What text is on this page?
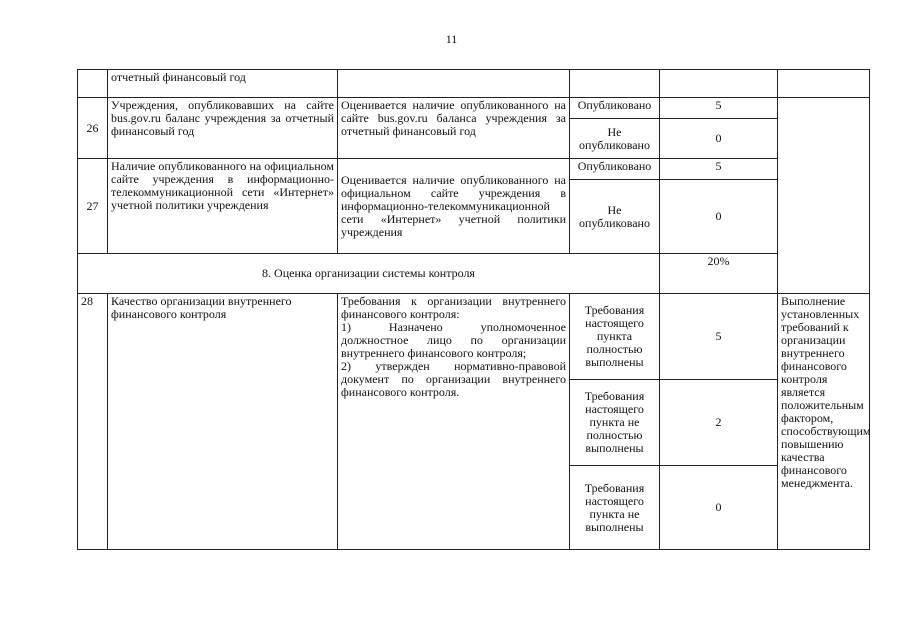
11
	отчетный финансовый год				
26	Учреждения, опубликовавших на сайте bus.gov.ru баланс учреждения за отчетный финансовый год	Оценивается наличие опубликованного на сайте bus.gov.ru баланса учреждения за отчетный финансовый год	Опубликовано	5	
			Не опубликовано	0	
27	Наличие опубликованного на официальном сайте учреждения в информационно-телекоммуникационной сети «Интернет» учетной политики учреждения	Оценивается наличие опубликованного на официальном сайте учреждения в информационно-телекоммуникационной сети «Интернет» учетной политики учреждения	Опубликовано	5	
			Не опубликовано	0	
8. Оценка организации системы контроля				20%	
28	Качество организации внутреннего финансового контроля	Требования к организации внутреннего финансового контроля:
1) Назначено уполномоченное должностное лицо по организации внутреннего финансового контроля;
2) утвержден нормативно-правовой документ по организации внутреннего финансового контроля.	Требования настоящего пункта полностью выполнены	5	Выполнение установленных требований к организации внутреннего финансового контроля является положительным фактором, способствующим повышению качества финансового менеджмента.
			Требования настоящего пункта не полностью выполнены	2	
			Требования настоящего пункта не выполнены	0	
